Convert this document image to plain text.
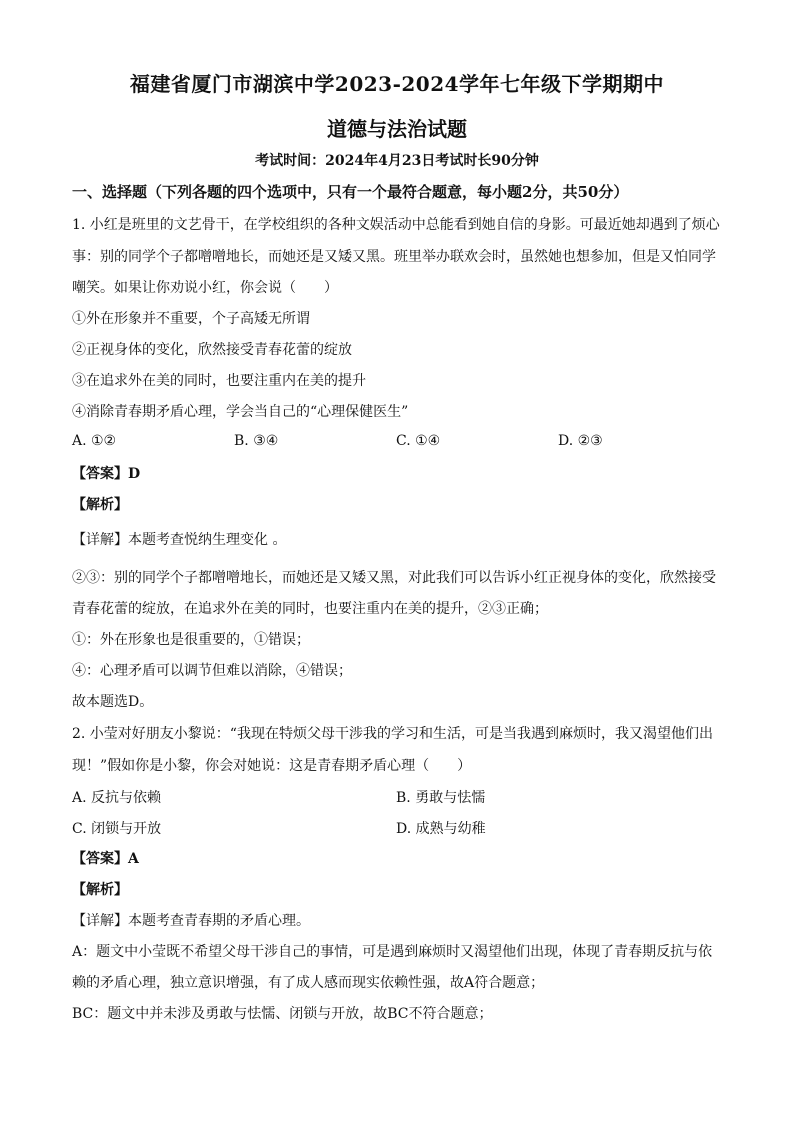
福建省厦门市湖滨中学2023-2024学年七年级下学期期中
道德与法治试题
考试时间：2024年4月23日考试时长90分钟
一、选择题（下列各题的四个选项中，只有一个最符合题意，每小题2分，共50分）
1. 小红是班里的文艺骨干，在学校组织的各种文娱活动中总能看到她自信的身影。可最近她却遇到了烦心
事：别的同学个子都噌噌地长，而她还是又矮又黑。班里举办联欢会时，虽然她也想参加，但是又怕同学
嘲笑。如果让你劝说小红，你会说（　　）
①外在形象并不重要，个子高矮无所谓
②正视身体的变化，欣然接受青春花蕾的绽放
③在追求外在美的同时，也要注重内在美的提升
④消除青春期矛盾心理，学会当自己的“心理保健医生”
A. ①②	B. ③④	C. ①④	D. ②③
【答案】D
【解析】
【详解】本题考查悦纳生理变化 。
②③：别的同学个子都噌噌地长，而她还是又矮又黑，对此我们可以告诉小红正视身体的变化，欣然接受
青春花蕾的绽放，在追求外在美的同时，也要注重内在美的提升，②③正确；
①：外在形象也是很重要的，①错误；
④：心理矛盾可以调节但难以消除，④错误；
故本题选D。
2. 小莹对好朋友小黎说：“我现在特烦父母干涉我的学习和生活，可是当我遇到麻烦时，我又渴望他们出
现！”假如你是小黎，你会对她说：这是青春期矛盾心理（　　）
A. 反抗与依赖	B. 勇敢与怯懦
C. 闭锁与开放	D. 成熟与幼稚
【答案】A
【解析】
【详解】本题考查青春期的矛盾心理。
A：题文中小莹既不希望父母干涉自己的事情，可是遇到麻烦时又渴望他们出现，体现了青春期反抗与依
赖的矛盾心理，独立意识增强，有了成人感而现实依赖性强，故A符合题意；
BC：题文中并未涉及勇敢与怯懦、闭锁与开放，故BC不符合题意；
